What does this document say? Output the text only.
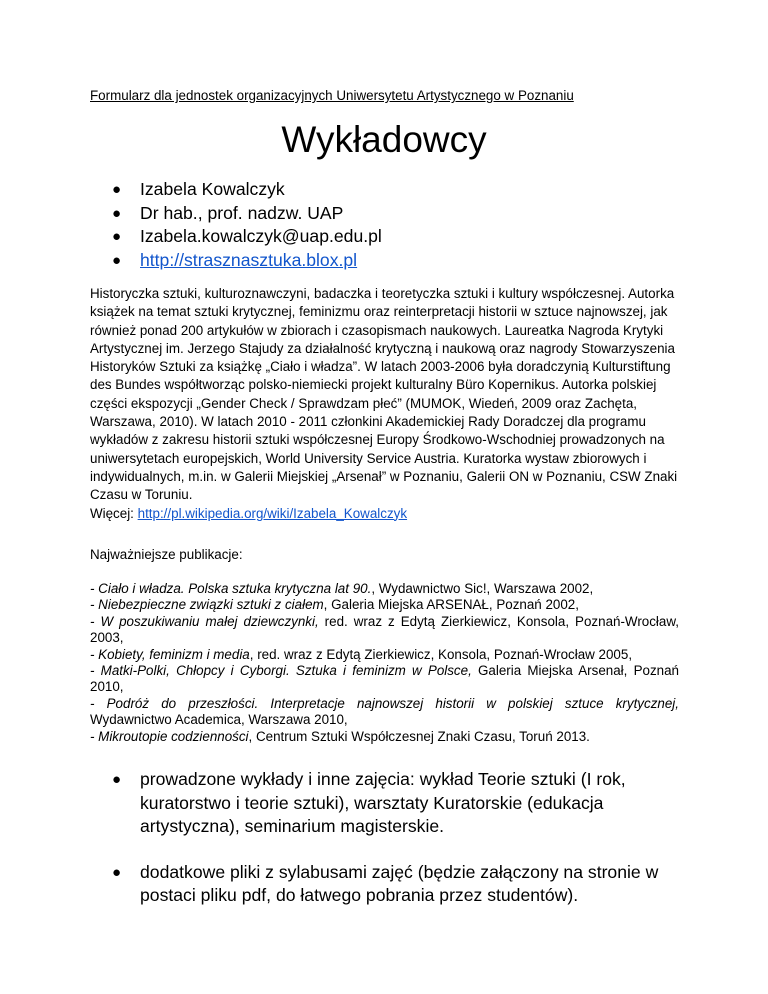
Formularz dla jednostek organizacyjnych Uniwersytetu Artystycznego w Poznaniu
Wykładowcy
● Izabela Kowalczyk
● Dr hab., prof. nadzw. UAP
● Izabela.kowalczyk@uap.edu.pl
● http://strasznasztuka.blox.pl

Historyczka sztuki, kulturoznawczyni, badaczka i teoretyczka sztuki i kultury współczesnej. Autorka książek na temat sztuki krytycznej, feminizmu oraz reinterpretacji historii w sztuce najnowszej, jak również ponad 200 artykułów w zbiorach i czasopismach naukowych. Laureatka Nagroda Krytyki Artystycznej im. Jerzego Stajudy za działalność krytyczną i naukową oraz nagrody Stowarzyszenia Historyków Sztuki za książkę „Ciało i władza”. W latach 2003-2006 była doradczynią Kulturstiftung des Bundes współtworząc polsko-niemiecki projekt kulturalny Büro Kopernikus. Autorka polskiej części ekspozycji „Gender Check / Sprawdzam płeć” (MUMOK, Wiedeń, 2009 oraz Zachęta, Warszawa, 2010). W latach 2010 - 2011 członkini Akademickiej Rady Doradczej dla programu wykładów z zakresu historii sztuki współczesnej Europy Środkowo-Wschodniej prowadzonych na uniwersytetach europejskich, World University Service Austria. Kuratorka wystaw zbiorowych i indywidualnych, m.in. w Galerii Miejskiej „Arsenał” w Poznaniu, Galerii ON w Poznaniu, CSW Znaki Czasu w Toruniu.

Więcej: http://pl.wikipedia.org/wiki/Izabela_Kowalczyk

Najważniejsze publikacje:

- Ciało i władza. Polska sztuka krytyczna lat 90., Wydawnictwo Sic!, Warszawa 2002,

- Niebezpieczne związki sztuki z ciałem, Galeria Miejska ARSENAŁ, Poznań 2002,

- W poszukiwaniu małej dziewczynki, red. wraz z Edytą Zierkiewicz, Konsola, Poznań-Wrocław, 2003,

- Kobiety, feminizm i media, red. wraz z Edytą Zierkiewicz, Konsola, Poznań-Wrocław 2005,

- Matki-Polki, Chłopcy i Cyborgi. Sztuka i feminizm w Polsce, Galeria Miejska Arsenał, Poznań 2010,

- Podróż do przeszłości. Interpretacje najnowszej historii w polskiej sztuce krytycznej, Wydawnictwo Academica, Warszawa 2010,

- Mikroutopie codzienności, Centrum Sztuki Współczesnej Znaki Czasu, Toruń 2013.

● prowadzone wykłady i inne zajęcia: wykład Teorie sztuki (I rok, kuratorstwo i teorie sztuki), warsztaty Kuratorskie (edukacja artystyczna), seminarium magisterskie.
● dodatkowe pliki z sylabusami zajęć (będzie załączony na stronie w postaci pliku pdf, do łatwego pobrania przez studentów).
